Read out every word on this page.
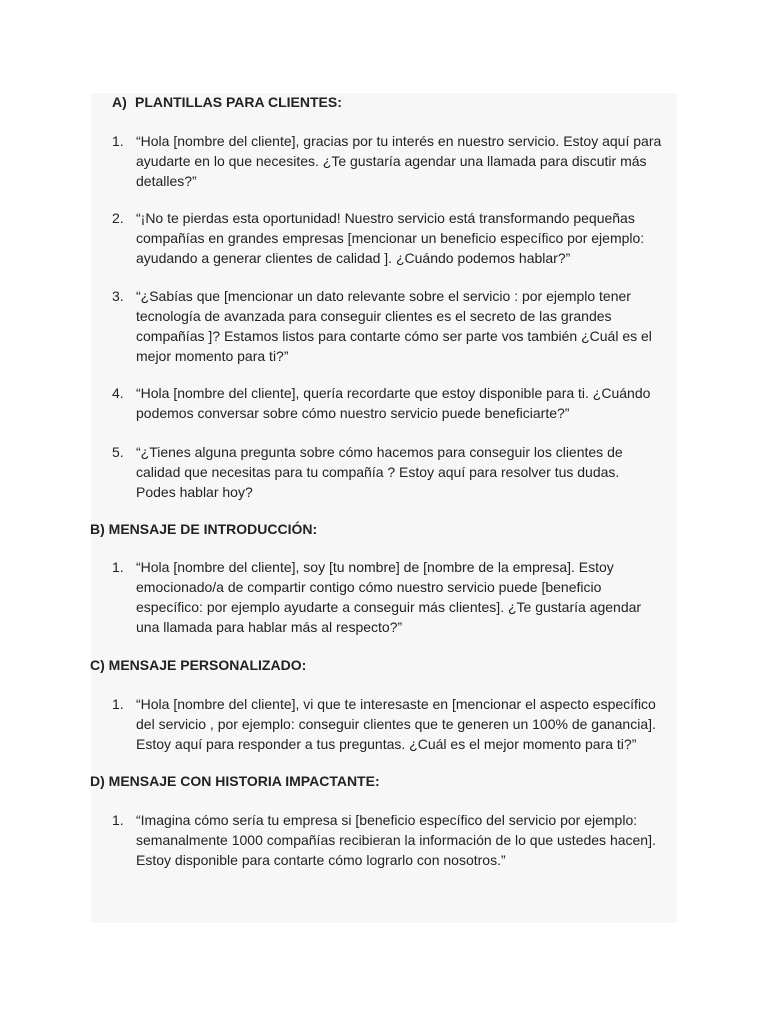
A) PLANTILLAS PARA CLIENTES:
1. “Hola [nombre del cliente], gracias por tu interés en nuestro servicio. Estoy aquí para
ayudarte en lo que necesites. ¿Te gustaría agendar una llamada para discutir más
detalles?”
2. “¡No te pierdas esta oportunidad! Nuestro servicio está transformando pequeñas
compañías en grandes empresas [mencionar un beneficio específico por ejemplo:
ayudando a generar clientes de calidad ]. ¿Cuándo podemos hablar?”
3. “¿Sabías que [mencionar un dato relevante sobre el servicio : por ejemplo tener
tecnología de avanzada para conseguir clientes es el secreto de las grandes
compañías ]? Estamos listos para contarte cómo ser parte vos también ¿Cuál es el
mejor momento para ti?”
4. “Hola [nombre del cliente], quería recordarte que estoy disponible para ti. ¿Cuándo
podemos conversar sobre cómo nuestro servicio puede beneficiarte?”
5. “¿Tienes alguna pregunta sobre cómo hacemos para conseguir los clientes de
calidad que necesitas para tu compañía ? Estoy aquí para resolver tus dudas.
Podes hablar hoy?
B) MENSAJE DE INTRODUCCIÓN:
1. “Hola [nombre del cliente], soy [tu nombre] de [nombre de la empresa]. Estoy
emocionado/a de compartir contigo cómo nuestro servicio puede [beneficio
específico: por ejemplo ayudarte a conseguir más clientes]. ¿Te gustaría agendar
una llamada para hablar más al respecto?”
C) MENSAJE PERSONALIZADO:
1. “Hola [nombre del cliente], vi que te interesaste en [mencionar el aspecto específico
del servicio , por ejemplo: conseguir clientes que te generen un 100% de ganancia].
Estoy aquí para responder a tus preguntas. ¿Cuál es el mejor momento para ti?”
D) MENSAJE CON HISTORIA IMPACTANTE:
1. “Imagina cómo sería tu empresa si [beneficio específico del servicio por ejemplo:
semanalmente 1000 compañías recibieran la información de lo que ustedes hacen].
Estoy disponible para contarte cómo lograrlo con nosotros.”
